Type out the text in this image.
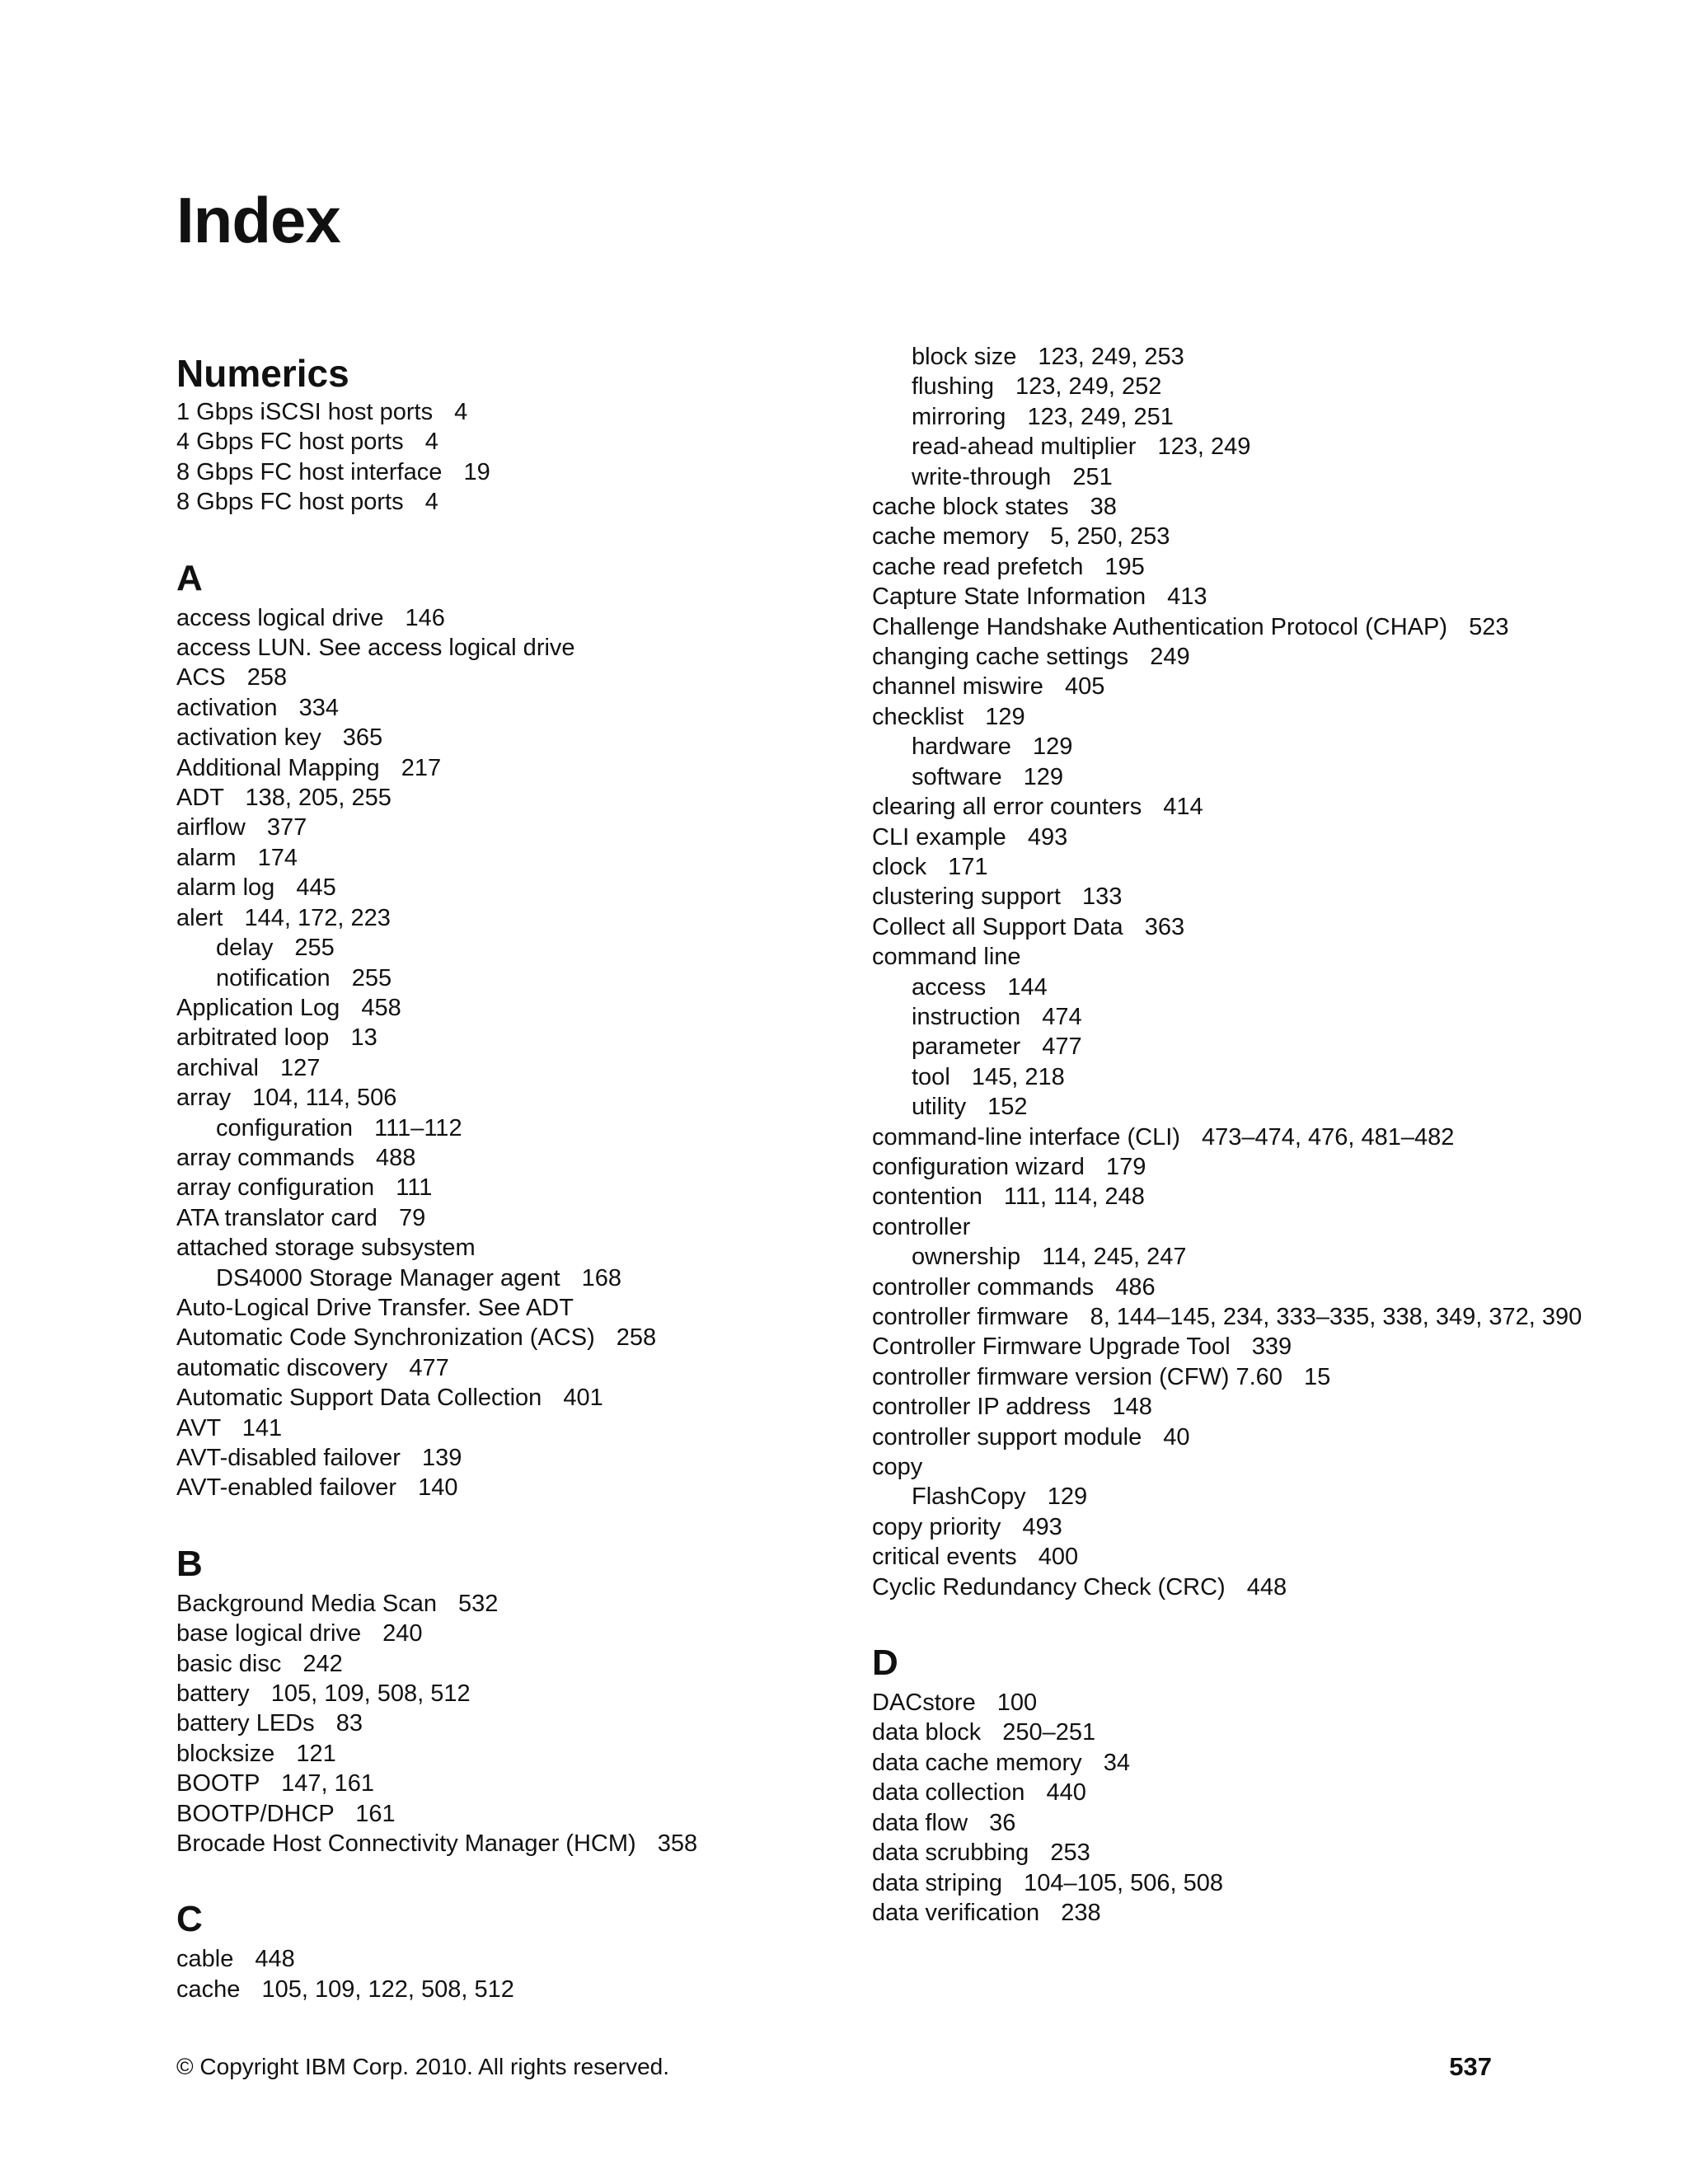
Index
Numerics
1 Gbps iSCSI host ports 4
4 Gbps FC host ports 4
8 Gbps FC host interface 19
8 Gbps FC host ports 4
A
access logical drive 146
access LUN. See access logical drive
ACS 258
activation 334
activation key 365
Additional Mapping 217
ADT 138, 205, 255
airflow 377
alarm 174
alarm log 445
alert 144, 172, 223
delay 255
notification 255
Application Log 458
arbitrated loop 13
archival 127
array 104, 114, 506
configuration 111–112
array commands 488
array configuration 111
ATA translator card 79
attached storage subsystem
DS4000 Storage Manager agent 168
Auto-Logical Drive Transfer. See ADT
Automatic Code Synchronization (ACS) 258
automatic discovery 477
Automatic Support Data Collection 401
AVT 141
AVT-disabled failover 139
AVT-enabled failover 140
B
Background Media Scan 532
base logical drive 240
basic disc 242
battery 105, 109, 508, 512
battery LEDs 83
blocksize 121
BOOTP 147, 161
BOOTP/DHCP 161
Brocade Host Connectivity Manager (HCM) 358
C
cable 448
cache 105, 109, 122, 508, 512
block size 123, 249, 253
flushing 123, 249, 252
mirroring 123, 249, 251
read-ahead multiplier 123, 249
write-through 251
cache block states 38
cache memory 5, 250, 253
cache read prefetch 195
Capture State Information 413
Challenge Handshake Authentication Protocol (CHAP) 523
changing cache settings 249
channel miswire 405
checklist 129
hardware 129
software 129
clearing all error counters 414
CLI example 493
clock 171
clustering support 133
Collect all Support Data 363
command line
access 144
instruction 474
parameter 477
tool 145, 218
utility 152
command-line interface (CLI) 473–474, 476, 481–482
configuration wizard 179
contention 111, 114, 248
controller
ownership 114, 245, 247
controller commands 486
controller firmware 8, 144–145, 234, 333–335, 338, 349, 372, 390
Controller Firmware Upgrade Tool 339
controller firmware version (CFW) 7.60 15
controller IP address 148
controller support module 40
copy
FlashCopy 129
copy priority 493
critical events 400
Cyclic Redundancy Check (CRC) 448
D
DACstore 100
data block 250–251
data cache memory 34
data collection 440
data flow 36
data scrubbing 253
data striping 104–105, 506, 508
data verification 238
© Copyright IBM Corp. 2010. All rights reserved.	537
